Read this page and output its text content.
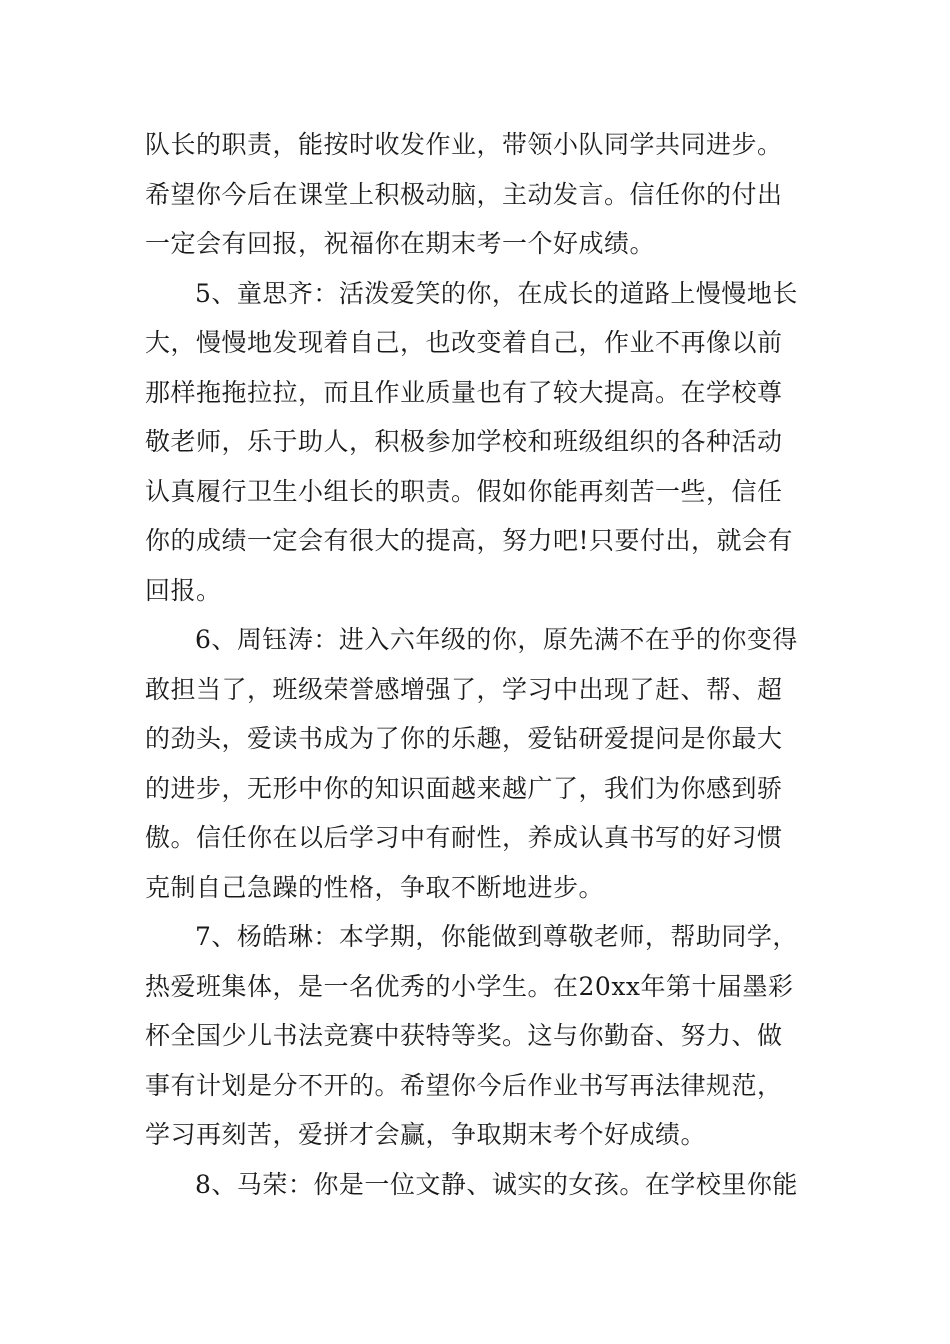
队长的职责，能按时收发作业，带领小队同学共同进步。
希望你今后在课堂上积极动脑，主动发言。信任你的付出
一定会有回报，祝福你在期末考一个好成绩。
5、童思齐：活泼爱笑的你，在成长的道路上慢慢地长
大，慢慢地发现着自己，也改变着自己，作业不再像以前
那样拖拖拉拉，而且作业质量也有了较大提高。在学校尊
敬老师，乐于助人，积极参加学校和班级组织的各种活动
认真履行卫生小组长的职责。假如你能再刻苦一些，信任
你的成绩一定会有很大的提高，努力吧!只要付出，就会有
回报。
6、周钰涛：进入六年级的你，原先满不在乎的你变得
敢担当了，班级荣誉感增强了，学习中出现了赶、帮、超
的劲头，爱读书成为了你的乐趣，爱钻研爱提问是你最大
的进步，无形中你的知识面越来越广了，我们为你感到骄
傲。信任你在以后学习中有耐性，养成认真书写的好习惯
克制自己急躁的性格，争取不断地进步。
7、杨皓琳：本学期，你能做到尊敬老师，帮助同学，
热爱班集体，是一名优秀的小学生。在20xx年第十届墨彩
杯全国少儿书法竞赛中获特等奖。这与你勤奋、努力、做
事有计划是分不开的。希望你今后作业书写再法律规范，
学习再刻苦，爱拼才会赢，争取期末考个好成绩。
8、马荣：你是一位文静、诚实的女孩。在学校里你能
